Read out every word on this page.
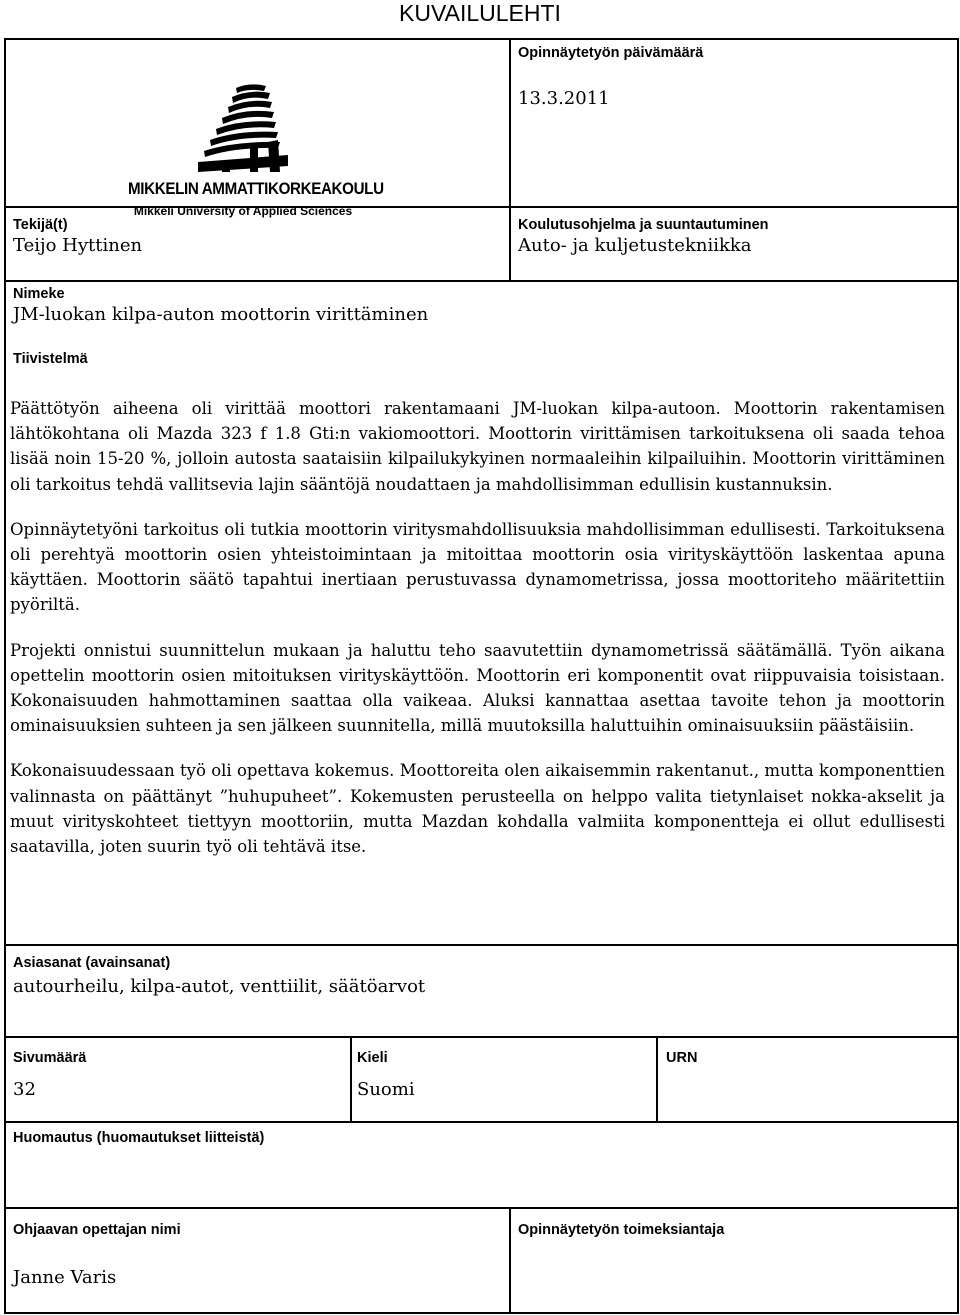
KUVAILULEHTI
MIKKELIN AMMATTIKORKEAKOULU
Mikkeli University of Applied Sciences
Opinnäytetyön päivämäärä
13.3.2011
Tekijä(t)
Teijo Hyttinen
Koulutusohjelma ja suuntautuminen
Auto- ja kuljetustekniikka
Nimeke
JM-luokan kilpa-auton moottorin virittäminen
Tiivistelmä
Asiasanat (avainsanat)
autourheilu, kilpa-autot, venttiilit, säätöarvot
Sivumäärä
32
Kieli
Suomi
URN
Huomautus (huomautukset liitteistä)
Ohjaavan opettajan nimi
Janne Varis
Opinnäytetyön toimeksiantaja

Päättötyön aiheena oli virittää moottori rakentamaani JM-luokan kilpa-autoon. Moottorin rakentamisen lähtökohtana oli Mazda 323 f 1.8 Gti:n vakiomoottori. Moottorin virittämisen tarkoituksena oli saada tehoa lisää noin 15-20 %, jolloin autosta saataisiin kilpailukykyinen normaaleihin kilpailuihin. Moottorin virittäminen oli tarkoitus tehdä vallitsevia lajin sääntöjä noudattaen ja mahdollisimman edullisin kustannuksin.

Opinnäytetyöni tarkoitus oli tutkia moottorin viritysmahdollisuuksia mahdollisimman edullisesti. Tarkoituksena oli perehtyä moottorin osien yhteistoimintaan ja mitoittaa moottorin osia virityskäyttöön laskentaa apuna käyttäen. Moottorin säätö tapahtui inertiaan perustuvassa dynamometrissa, jossa moottoriteho määritettiin pyöriltä.

Projekti onnistui suunnittelun mukaan ja haluttu teho saavutettiin dynamometrissä säätämällä. Työn aikana opettelin moottorin osien mitoituksen virityskäyttöön. Moottorin eri komponentit ovat riippuvaisia toisistaan. Kokonaisuuden hahmottaminen saattaa olla vaikeaa. Aluksi kannattaa asettaa tavoite tehon ja moottorin ominaisuuksien suhteen ja sen jälkeen suunnitella, millä muutoksilla haluttuihin ominaisuuksiin päästäisiin.

Kokonaisuudessaan työ oli opettava kokemus. Moottoreita olen aikaisemmin rakentanut., mutta komponenttien valinnasta on päättänyt ”huhupuheet”. Kokemusten perusteella on helppo valita tietynlaiset nokka-akselit ja muut virityskohteet tiettyyn moottoriin, mutta Mazdan kohdalla valmiita komponentteja ei ollut edullisesti saatavilla, joten suurin työ oli tehtävä itse.
